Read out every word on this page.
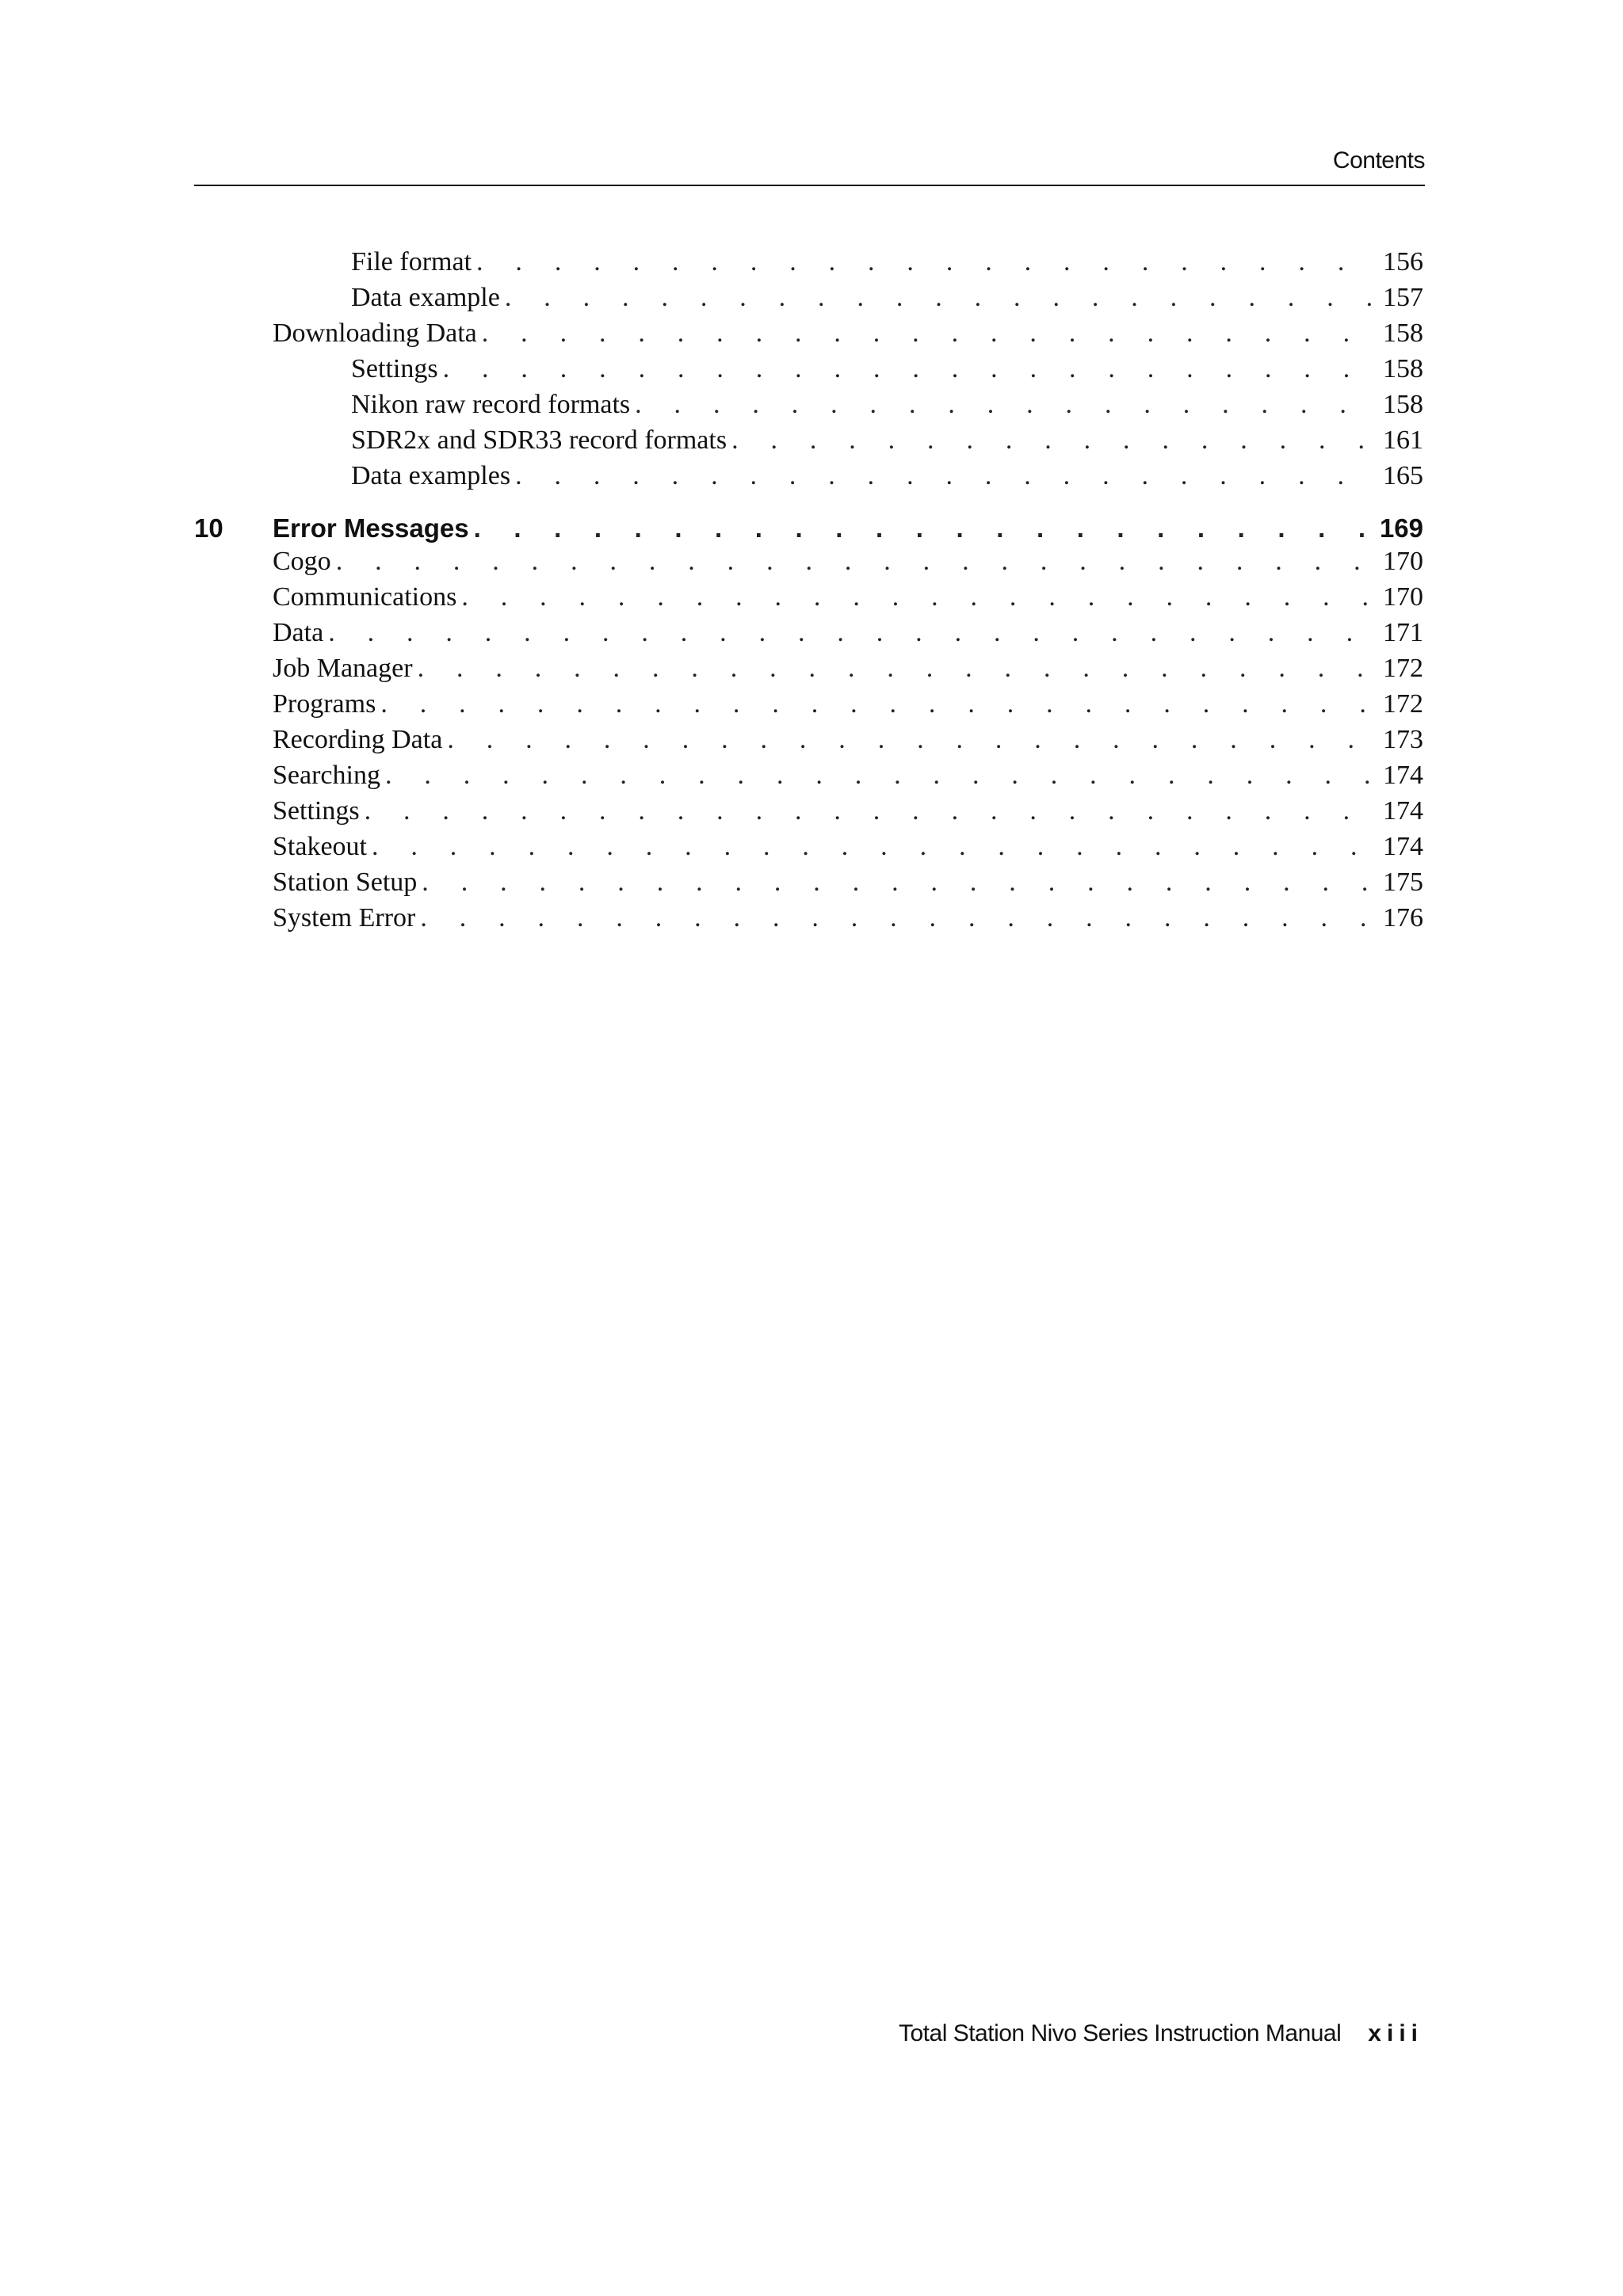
Contents
File format . . .	156
Data example . . .	157
Downloading Data . . .	158
Settings . . .	158
Nikon raw record formats . . .	158
SDR2x and SDR33 record formats . . .	161
Data examples . . .	165
10	Error Messages . . .	169
Cogo . . .	170
Communications . . .	170
Data . . .	171
Job Manager . . .	172
Programs . . .	172
Recording Data . . .	173
Searching . . .	174
Settings . . .	174
Stakeout . . .	174
Station Setup . . .	175
System Error . . .	176
Total Station Nivo Series Instruction Manual xiii
